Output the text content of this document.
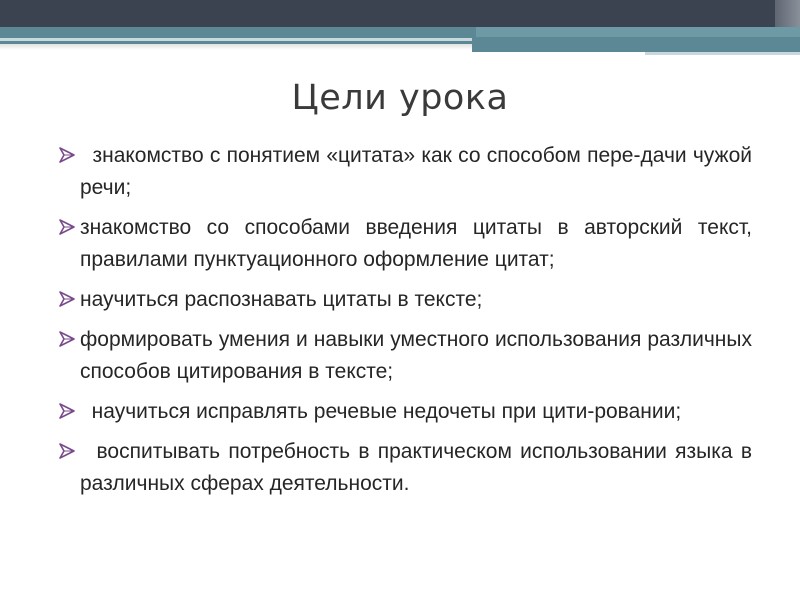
Цели урока
знакомство с понятием «цитата» как со способом пере-дачи чужой речи;
знакомство со способами введения цитаты в авторский текст, правилами пунктуационного оформление цитат;
научиться распознавать цитаты в тексте;
формировать умения и навыки уместного использования различных способов цитирования в тексте;
научиться исправлять речевые недочеты при цити-ровании;
воспитывать потребность в практическом использовании языка в различных сферах деятельности.
